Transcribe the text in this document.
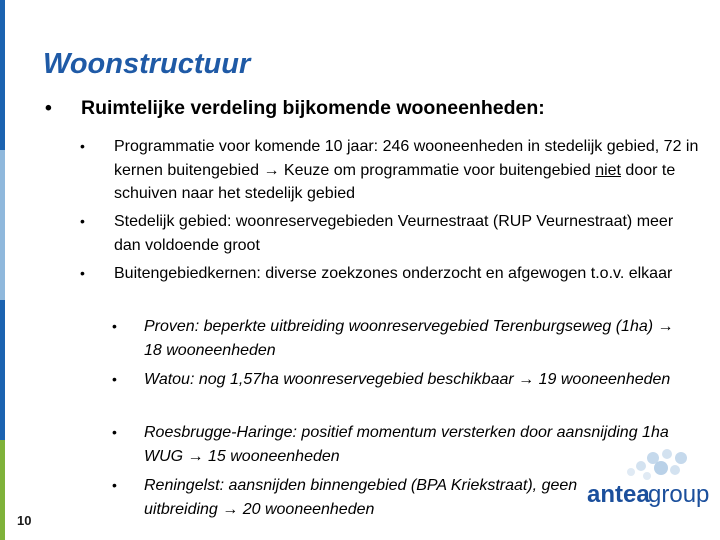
Woonstructuur
• Ruimtelijke verdeling bijkomende wooneenheden:
• Programmatie voor komende 10 jaar: 246 wooneenheden in stedelijk gebied, 72 in kernen buitengebied → Keuze om programmatie voor buitengebied niet door te schuiven naar het stedelijk gebied
• Stedelijk gebied: woonreservegebieden Veurnestraat (RUP Veurnestraat) meer dan voldoende groot
• Buitengebiedkernen: diverse zoekzones onderzocht en afgewogen t.o.v. elkaar
• Proven: beperkte uitbreiding woonreservegebied Terenburgseweg (1ha) → 18 wooneenheden
• Watou: nog 1,57ha woonreservegebied beschikbaar → 19 wooneenheden
• Roesbrugge-Haringe: positief momentum versterken door aansnijding 1ha WUG → 15 wooneenheden
• Reningelst: aansnijden binnengebied (BPA Kriekstraat), geen uitbreiding → 20 wooneenheden
10
antea
group
